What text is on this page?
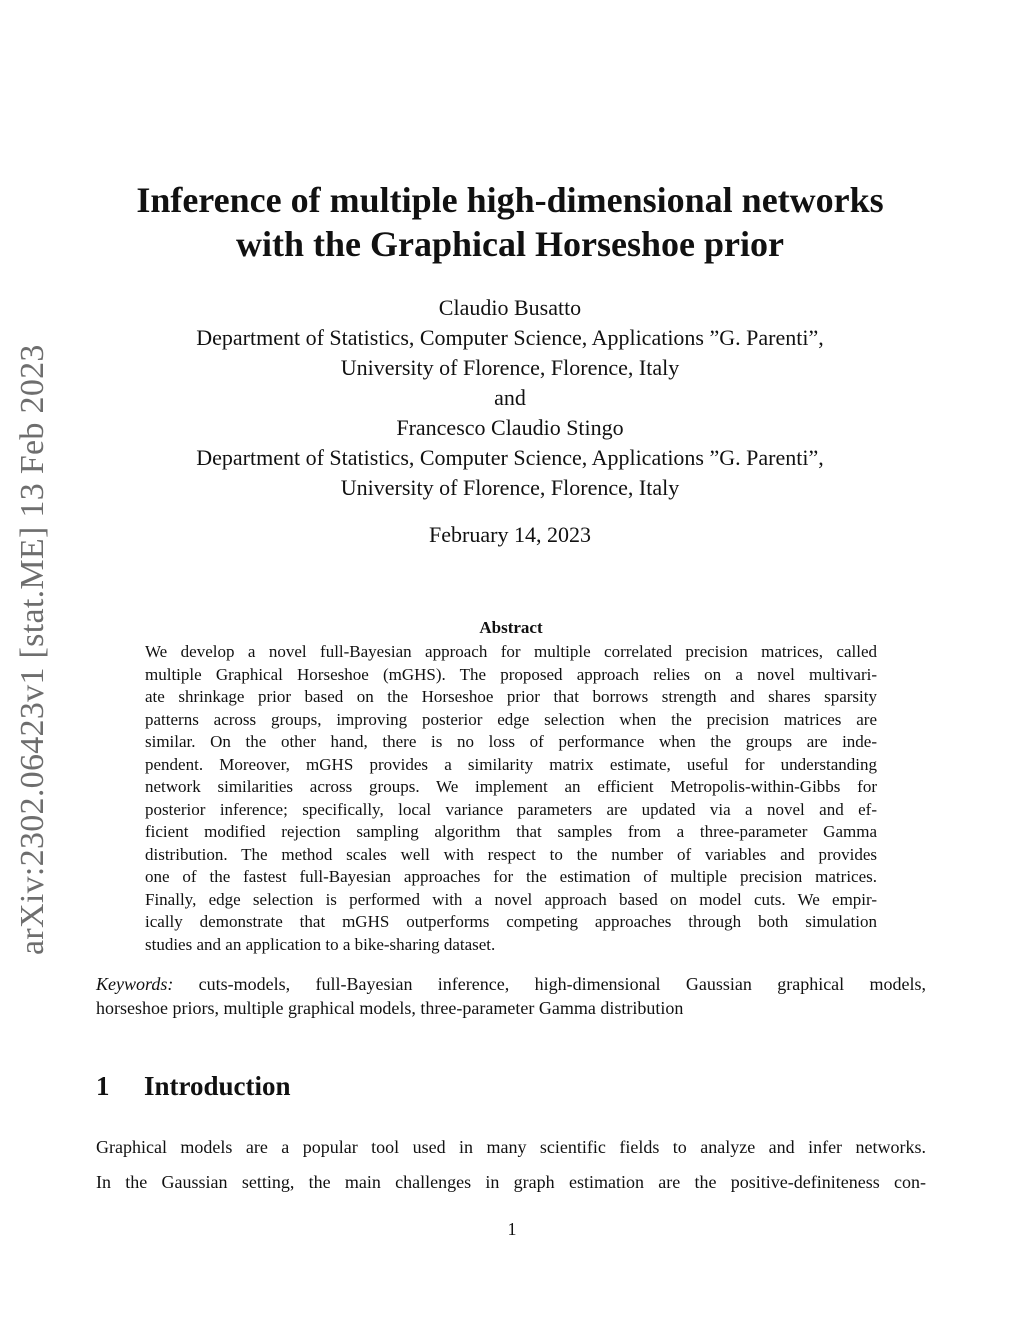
arXiv:2302.06423v1 [stat.ME] 13 Feb 2023
Inference of multiple high-dimensional networks
with the Graphical Horseshoe prior
Claudio Busatto
Department of Statistics, Computer Science, Applications ”G. Parenti”,
University of Florence, Florence, Italy
and
Francesco Claudio Stingo
Department of Statistics, Computer Science, Applications ”G. Parenti”,
University of Florence, Florence, Italy
February 14, 2023
Abstract
We develop a novel full-Bayesian approach for multiple correlated precision matrices, called
multiple Graphical Horseshoe (mGHS). The proposed approach relies on a novel multivari-
ate shrinkage prior based on the Horseshoe prior that borrows strength and shares sparsity
patterns across groups, improving posterior edge selection when the precision matrices are
similar. On the other hand, there is no loss of performance when the groups are inde-
pendent. Moreover, mGHS provides a similarity matrix estimate, useful for understanding
network similarities across groups. We implement an efficient Metropolis-within-Gibbs for
posterior inference; specifically, local variance parameters are updated via a novel and ef-
ficient modified rejection sampling algorithm that samples from a three-parameter Gamma
distribution. The method scales well with respect to the number of variables and provides
one of the fastest full-Bayesian approaches for the estimation of multiple precision matrices.
Finally, edge selection is performed with a novel approach based on model cuts. We empir-
ically demonstrate that mGHS outperforms competing approaches through both simulation
studies and an application to a bike-sharing dataset.
Keywords: cuts-models, full-Bayesian inference, high-dimensional Gaussian graphical models,
horseshoe priors, multiple graphical models, three-parameter Gamma distribution
1 Introduction
Graphical models are a popular tool used in many scientific fields to analyze and infer networks.
In the Gaussian setting, the main challenges in graph estimation are the positive-definiteness con-
1
